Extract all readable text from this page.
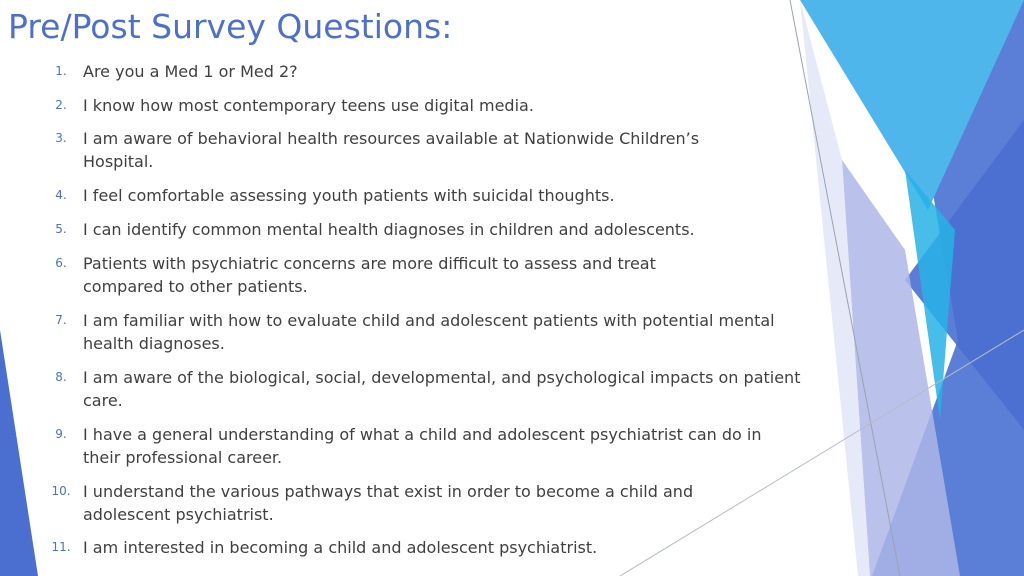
Pre/Post Survey Questions:
1.	Are you a Med 1 or Med 2?
2.	I know how most contemporary teens use digital media.
3.	I am aware of behavioral health resources available at Nationwide Children’s Hospital.
4.	I feel comfortable assessing youth patients with suicidal thoughts.
5.	I can identify common mental health diagnoses in children and adolescents.
6.	Patients with psychiatric concerns are more difficult to assess and treat compared to other patients.
7.	I am familiar with how to evaluate child and adolescent patients with potential mental health diagnoses.
8.	I am aware of the biological, social, developmental, and psychological impacts on patient care.
9.	I have a general understanding of what a child and adolescent psychiatrist can do in their professional career.
10. I understand the various pathways that exist in order to become a child and adolescent psychiatrist.
11. I am interested in becoming a child and adolescent psychiatrist.
